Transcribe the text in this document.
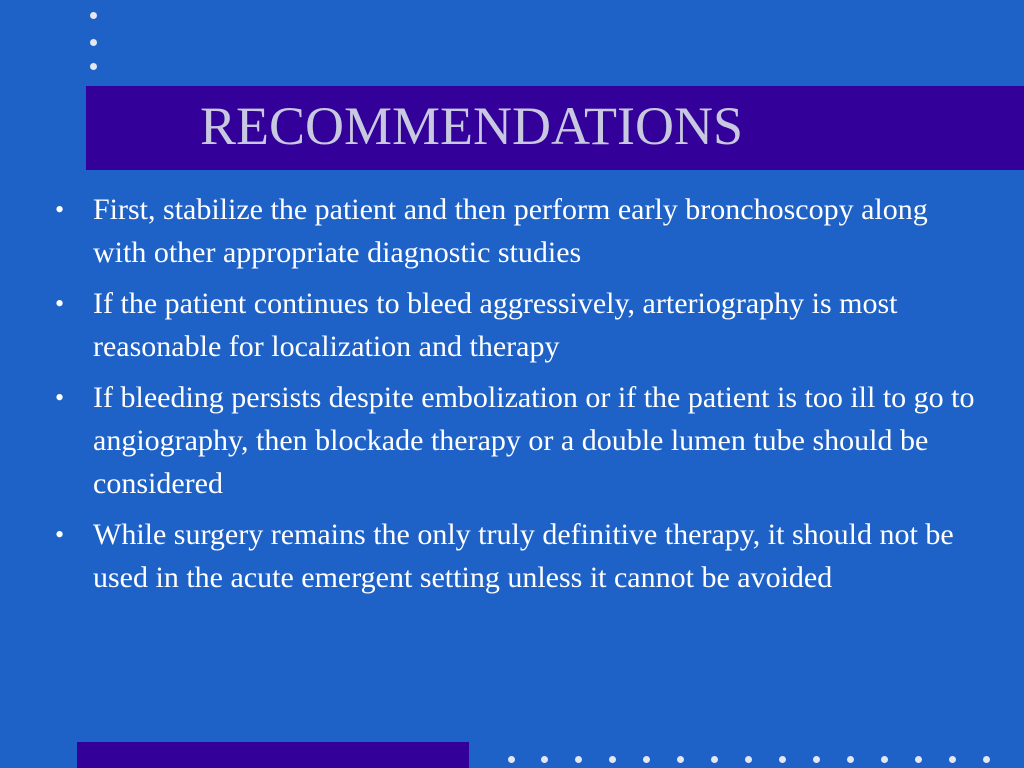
RECOMMENDATIONS
• First, stabilize the patient and then perform early bronchoscopy along with other appropriate diagnostic studies
• If the patient continues to bleed aggressively, arteriography is most reasonable for localization and therapy
• If bleeding persists despite embolization or if the patient is too ill to go to angiography, then blockade therapy or a double lumen tube should be considered
• While surgery remains the only truly definitive therapy, it should not be used in the acute emergent setting unless it cannot be avoided
